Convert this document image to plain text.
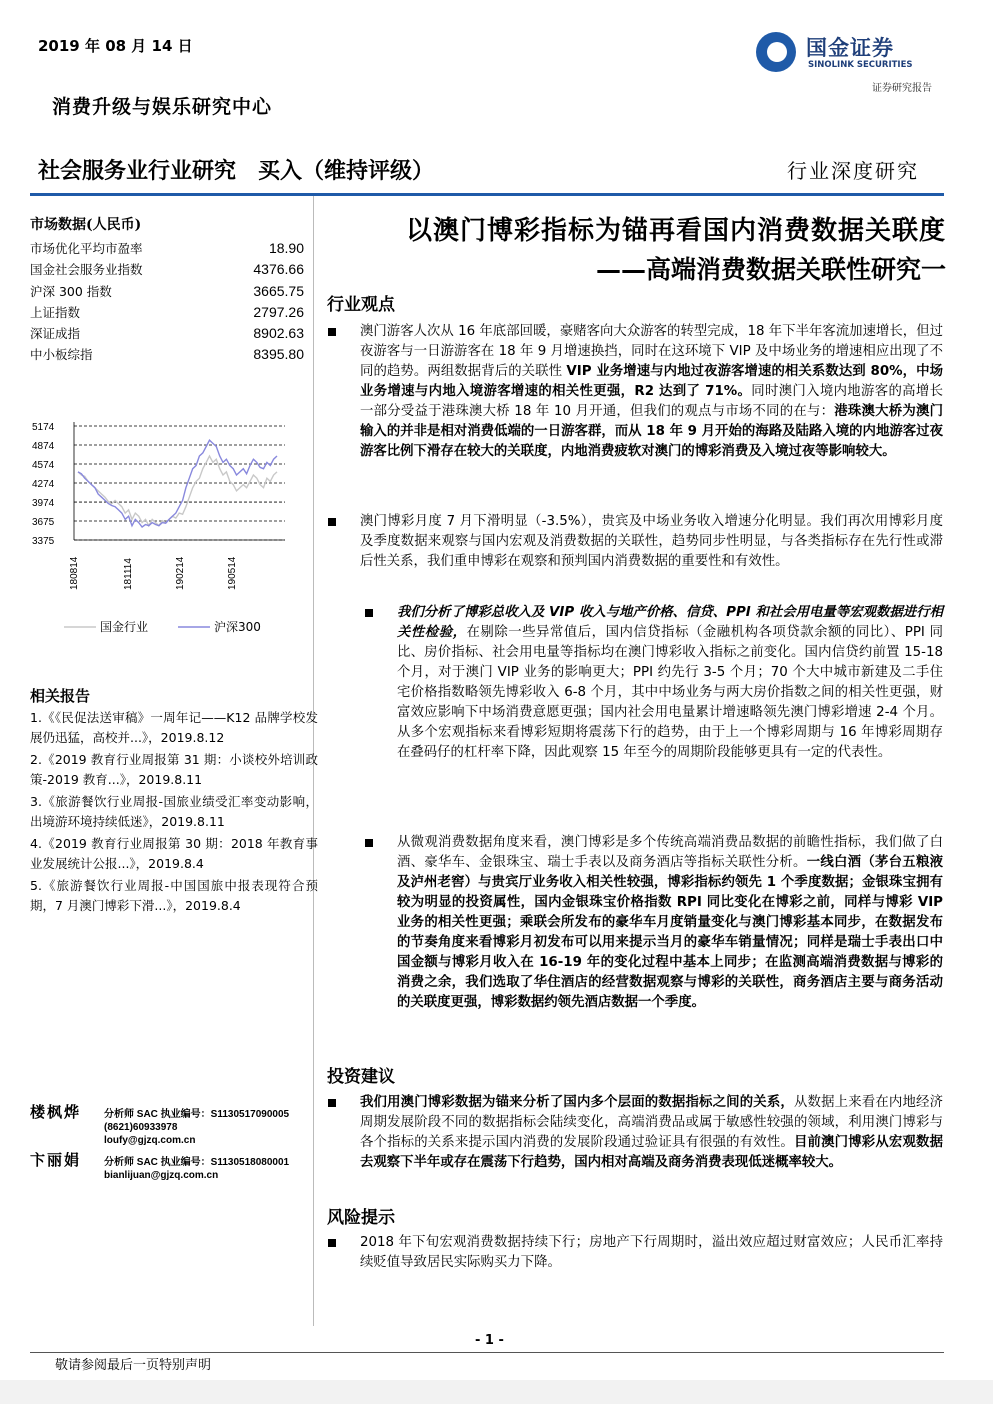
2019 年 08 月 14 日	国金证券
SINOLINK SECURITIES
证券研究报告
消费升级与娱乐研究中心
社会服务业行业研究 买入（维持评级）	行业深度研究
市场数据(人民币)
市场优化平均市盈率	18.90
国金社会服务业指数	4376.66
沪深 300 指数	3665.75
上证指数	2797.26
深证成指	8902.63
中小板综指	8395.80
5174
4874
4574
4274
3974
3675
3375
180814	181114	190214	190514
国金行业	沪深300
相关报告
1.《《民促法送审稿》一周年记——K12 品牌学校发展仍迅猛，高校并...》，2019.8.12
2.《2019 教育行业周报第 31 期：小谈校外培训政策-2019 教育...》，2019.8.11
3.《旅游餐饮行业周报-国旅业绩受汇率变动影响，出境游环境持续低迷》，2019.8.11
4.《2019 教育行业周报第 30 期：2018 年教育事业发展统计公报...》，2019.8.4
5.《旅游餐饮行业周报-中国国旅中报表现符合预期，7 月澳门博彩下滑...》，2019.8.4
楼枫烨 分析师 SAC 执业编号：S1130517090005
(8621)60933978
loufy@gjzq.com.cn
卞丽娟 分析师 SAC 执业编号：S1130518080001
bianlijuan@gjzq.com.cn
以澳门博彩指标为锚再看国内消费数据关联度
——高端消费数据关联性研究一
行业观点
澳门游客人次从 16 年底部回暖，豪赌客向大众游客的转型完成，18 年下半年客流加速增长，但过夜游客与一日游游客在 18 年 9 月增速换挡，同时在这环境下 VIP 及中场业务的增速相应出现了不同的趋势。两组数据背后的关联性 VIP 业务增速与内地过夜游客增速的相关系数达到 80%，中场业务增速与内地入境游客增速的相关性更强，R2 达到了 71%。同时澳门入境内地游客的高增长一部分受益于港珠澳大桥 18 年 10 月开通，但我们的观点与市场不同的在与：港珠澳大桥为澳门输入的并非是相对消费低端的一日游客群，而从 18 年 9 月开始的海路及陆路入境的内地游客过夜游客比例下滑存在较大的关联度，内地消费疲软对澳门的博彩消费及入境过夜等影响较大。
澳门博彩月度 7 月下滑明显（-3.5%），贵宾及中场业务收入增速分化明显。我们再次用博彩月度及季度数据来观察与国内宏观及消费数据的关联性，趋势同步性明显，与各类指标存在先行性或滞后性关系，我们重申博彩在观察和预判国内消费数据的重要性和有效性。
我们分析了博彩总收入及 VIP 收入与地产价格、信贷、PPI 和社会用电量等宏观数据进行相关性检验，在剔除一些异常值后，国内信贷指标（金融机构各项贷款余额的同比）、PPI 同比、房价指标、社会用电量等指标均在澳门博彩收入指标之前变化。国内信贷约前置 15-18 个月，对于澳门 VIP 业务的影响更大；PPI 约先行 3-5 个月；70 个大中城市新建及二手住宅价格指数略领先博彩收入 6-8 个月，其中中场业务与两大房价指数之间的相关性更强，财富效应影响下中场消费意愿更强；国内社会用电量累计增速略领先澳门博彩增速 2-4 个月。从多个宏观指标来看博彩短期将震荡下行的趋势，由于上一个博彩周期与 16 年博彩周期存在叠码仔的杠杆率下降，因此观察 15 年至今的周期阶段能够更具有一定的代表性。
从微观消费数据角度来看，澳门博彩是多个传统高端消费品数据的前瞻性指标，我们做了白酒、豪华车、金银珠宝、瑞士手表以及商务酒店等指标关联性分析。一线白酒（茅台五粮液及泸州老窖）与贵宾厅业务收入相关性较强，博彩指标约领先 1 个季度数据；金银珠宝拥有较为明显的投资属性，国内金银珠宝价格指数 RPI 同比变化在博彩之前，同样与博彩 VIP 业务的相关性更强；乘联会所发布的豪华车月度销量变化与澳门博彩基本同步，在数据发布的节奏角度来看博彩月初发布可以用来提示当月的豪华车销量情况；同样是瑞士手表出口中国金额与博彩月收入在 16-19 年的变化过程中基本上同步；在监测高端消费数据与博彩的消费之余，我们选取了华住酒店的经营数据观察与博彩的关联性，商务酒店主要与商务活动的关联度更强，博彩数据约领先酒店数据一个季度。
投资建议
我们用澳门博彩数据为锚来分析了国内多个层面的数据指标之间的关系，从数据上来看在内地经济周期发展阶段不同的数据指标会陆续变化，高端消费品或属于敏感性较强的领域，利用澳门博彩与各个指标的关系来提示国内消费的发展阶段通过验证具有很强的有效性。目前澳门博彩从宏观数据去观察下半年或存在震荡下行趋势，国内相对高端及商务消费表现低迷概率较大。
风险提示
2018 年下旬宏观消费数据持续下行；房地产下行周期时，溢出效应超过财富效应；人民币汇率持续贬值导致居民实际购买力下降。
- 1 -
敬请参阅最后一页特别声明
